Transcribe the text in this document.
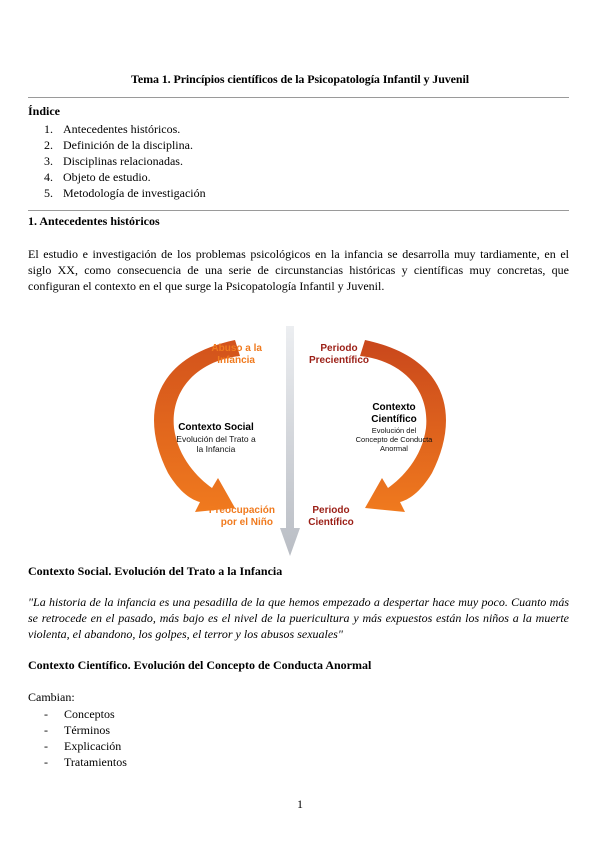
Tema 1. Princípios científicos de la Psicopatología Infantil y Juvenil
Índice
1. Antecedentes históricos.
2. Definición de la disciplina.
3. Disciplinas relacionadas.
4. Objeto de estudio.
5. Metodología de investigación
1. Antecedentes históricos

El estudio e investigación de los problemas psicológicos en la infancia se desarrolla muy tardiamente, en el siglo XX, como consecuencia de una serie de circunstancias históricas y científicas muy concretas, que configuran el contexto en el que surge la Psicopatología Infantil y Juvenil.

Abuso a la
Infancia
Periodo
Precientífico
Preocupación
por el Niño
Periodo
Científico
Contexto Social
Evolución del Trato a
la Infancia
Contexto
Científico
Evolución del
Concepto de Conducta
Anormal
Contexto Social. Evolución del Trato a la Infancia

"La historia de la infancia es una pesadilla de la que hemos empezado a despertar hace muy poco. Cuanto más se retrocede en el pasado, más bajo es el nivel de la puericultura y más expuestos están los niños a la muerte violenta, el abandono, los golpes, el terror y los abusos sexuales"

Contexto Científico. Evolución del Concepto de Conducta Anormal
Cambian:
- Conceptos
- Términos
- Explicación
- Tratamientos
1
